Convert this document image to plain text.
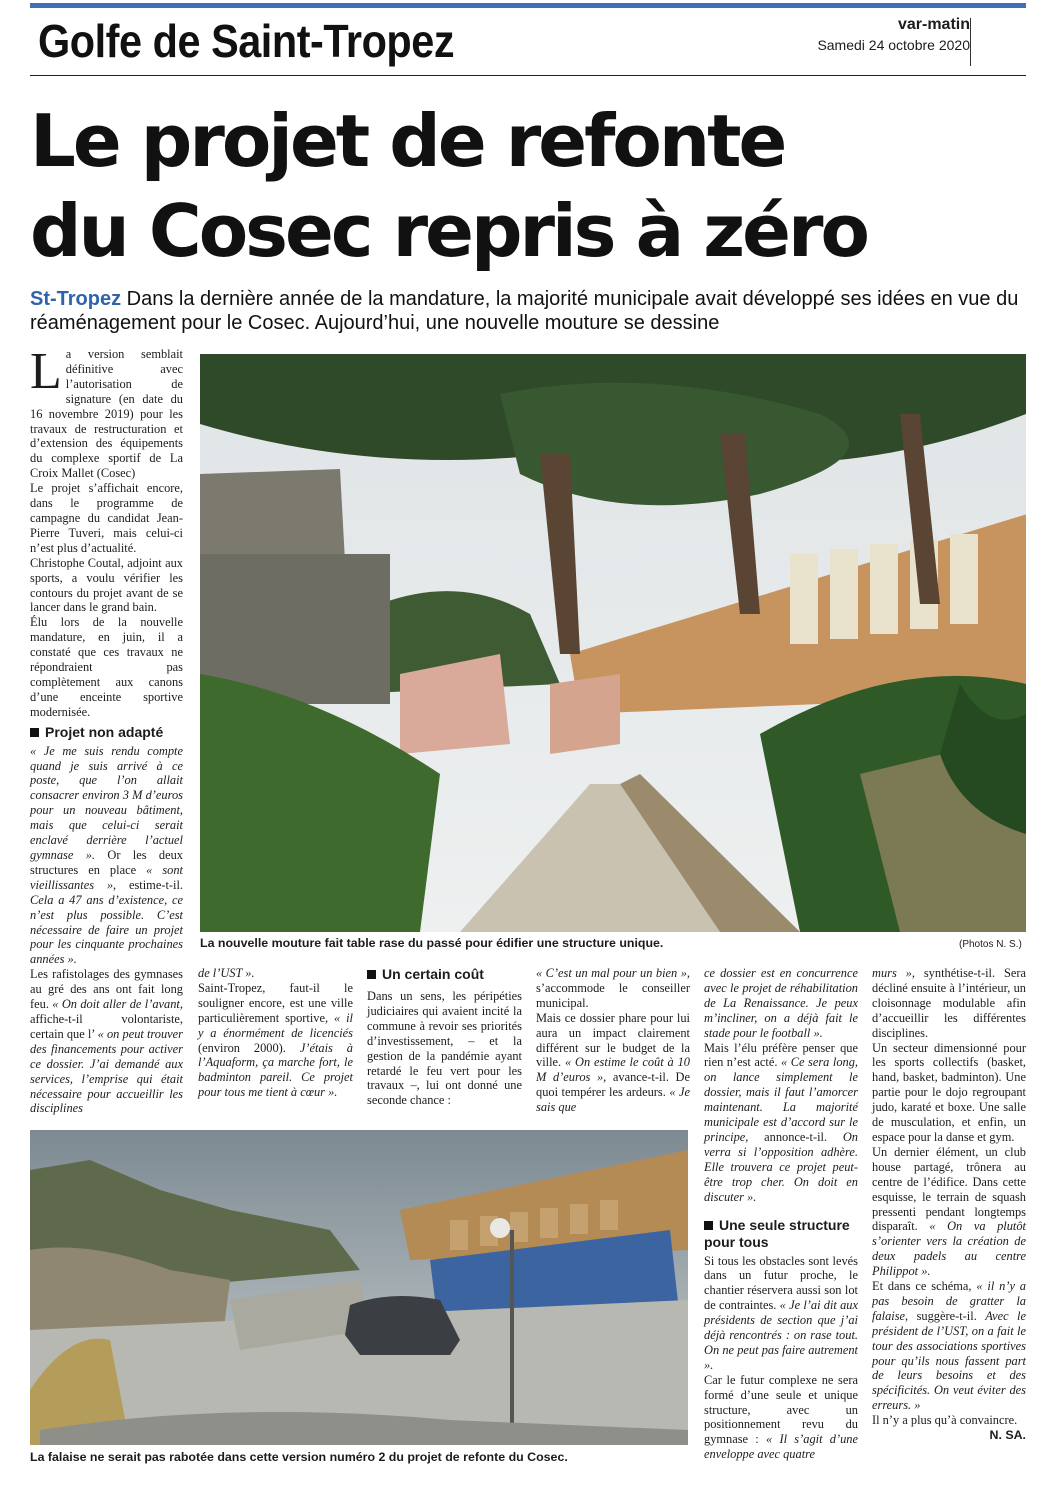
Golfe de Saint-Tropez	var-matin
Samedi 24 octobre 2020
Le projet de refonte
du Cosec repris à zéro
St-Tropez Dans la dernière année de la mandature, la majorité municipale avait développé ses idées en vue du réaménagement pour le Cosec. Aujourd’hui, une nouvelle mouture se dessine
La nouvelle mouture fait table rase du passé pour édifier une structure unique.	(Photos N. S.)
La falaise ne serait pas rabotée dans cette version numéro 2 du projet de refonte du Cosec.

La version semblait définitive avec l’autorisation de signature (en date du 16 novembre 2019) pour les travaux de restructuration et d’extension des équipements du complexe sportif de La Croix Mallet (Cosec)

Le projet s’affichait encore, dans le programme de campagne du candidat Jean-Pierre Tuveri, mais celui-ci n’est plus d’actualité.

Christophe Coutal, adjoint aux sports, a voulu vérifier les contours du projet avant de se lancer dans le grand bain.

Élu lors de la nouvelle mandature, en juin, il a constaté que ces travaux ne répondraient pas complètement aux canons d’une enceinte sportive modernisée.

Projet non adapté

« Je me suis rendu compte quand je suis arrivé à ce poste, que l’on allait consacrer environ 3 M d’euros pour un nouveau bâtiment, mais que celui-ci serait enclavé derrière l’actuel gymnase ». Or les deux structures en place « sont vieillissantes », estime-t-il. Cela a 47 ans d’existence, ce n’est plus possible. C’est nécessaire de faire un projet pour les cinquante prochaines années ».

Les rafistolages des gymnases au gré des ans ont fait long feu. « On doit aller de l’avant, affiche-t-il volontariste, certain que l’ « on peut trouver des financements pour activer ce dossier. J’ai demandé aux services, l’emprise qui était nécessaire pour accueillir les disciplines

de l’UST ».

Saint-Tropez, faut-il le souligner encore, est une ville particulièrement sportive, « il y a énormément de licenciés (environ 2000). J’étais à l’Aquaform, ça marche fort, le badminton pareil. Ce projet pour tous me tient à cœur ».

Un certain coût

Dans un sens, les péripéties judiciaires qui avaient incité la commune à revoir ses priorités d’investissement, – et la gestion de la pandémie ayant retardé le feu vert pour les travaux –, lui ont donné une seconde chance :

« C’est un mal pour un bien », s’accommode le conseiller municipal.

Mais ce dossier phare pour lui aura un impact clairement différent sur le budget de la ville. « On estime le coût à 10 M d’euros », avance-t-il. De quoi tempérer les ardeurs. « Je sais que

ce dossier est en concurrence avec le projet de réhabilitation de La Renaissance. Je peux m’incliner, on a déjà fait le stade pour le football ».

Mais l’élu préfère penser que rien n’est acté. « Ce sera long, on lance simplement le dossier, mais il faut l’amorcer maintenant. La majorité municipale est d’accord sur le principe, annonce-t-il. On verra si l’opposition adhère. Elle trouvera ce projet peut-être trop cher. On doit en discuter ».

Une seule structure pour tous

Si tous les obstacles sont levés dans un futur proche, le chantier réservera aussi son lot de contraintes. « Je l’ai dit aux présidents de section que j’ai déjà rencontrés : on rase tout. On ne peut pas faire autrement ».

Car le futur complexe ne sera formé d’une seule et unique structure, avec un positionnement revu du gymnase : « Il s’agit d’une enveloppe avec quatre

murs », synthétise-t-il. Sera décliné ensuite à l’intérieur, un cloisonnage modulable afin d’accueillir les différentes disciplines.

Un secteur dimensionné pour les sports collectifs (basket, hand, basket, badminton). Une partie pour le dojo regroupant judo, karaté et boxe. Une salle de musculation, et enfin, un espace pour la danse et gym.

Un dernier élément, un club house partagé, trônera au centre de l’édifice. Dans cette esquisse, le terrain de squash pressenti pendant longtemps disparaît. « On va plutôt s’orienter vers la création de deux padels au centre Philippot ».

Et dans ce schéma, « il n’y a pas besoin de gratter la falaise, suggère-t-il. Avec le président de l’UST, on a fait le tour des associations sportives pour qu’ils nous fassent part de leurs besoins et des spécificités. On veut éviter des erreurs. »

Il n’y a plus qu’à convaincre.
N. SA.
